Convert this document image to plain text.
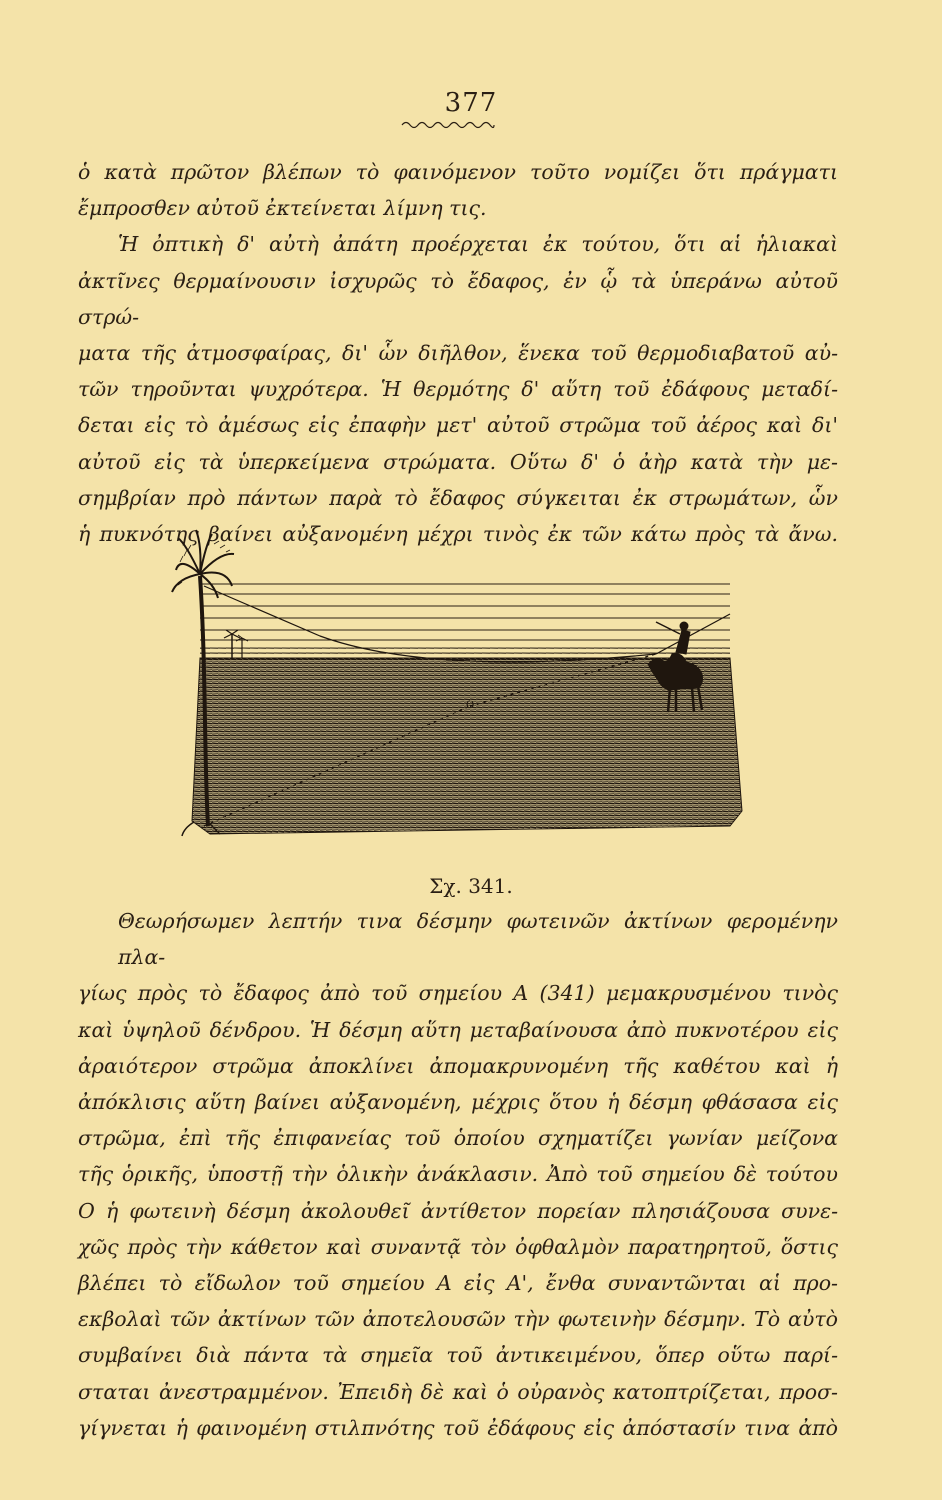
377
ὁ κατὰ πρῶτον βλέπων τὸ φαινόμενον τοῦτο νομίζει ὅτι πράγματι
ἔμπροσθεν αὐτοῦ ἐκτείνεται λίμνη τις.
Ἡ ὀπτικὴ δ' αὐτὴ ἀπάτη προέρχεται ἐκ τούτου, ὅτι αἱ ἡλιακαὶ
ἀκτῖνες θερμαίνουσιν ἰσχυρῶς τὸ ἔδαφος, ἐν ᾧ τὰ ὑπεράνω αὐτοῦ στρώ-
ματα τῆς ἀτμοσφαίρας, δι' ὧν διῆλθον, ἕνεκα τοῦ θερμοδιαβατοῦ αὐ-
τῶν τηροῦνται ψυχρότερα. Ἡ θερμότης δ' αὕτη τοῦ ἐδάφους μεταδί-
δεται εἰς τὸ ἀμέσως εἰς ἐπαφὴν μετ' αὐτοῦ στρῶμα τοῦ ἀέρος καὶ δι'
αὐτοῦ εἰς τὰ ὑπερκείμενα στρώματα. Οὕτω δ' ὁ ἀὴρ κατὰ τὴν με-
σημβρίαν πρὸ πάντων παρὰ τὸ ἔδαφος σύγκειται ἐκ στρωμάτων, ὧν
ἡ πυκνότης βαίνει αὐξανομένη μέχρι τινὸς ἐκ τῶν κάτω πρὸς τὰ ἄνω.
O
Σχ. 341.
Θεωρήσωμεν λεπτήν τινα δέσμην φωτεινῶν ἀκτίνων φερομένην πλα-
γίως πρὸς τὸ ἔδαφος ἀπὸ τοῦ σημείου Α (341) μεμακρυσμένου τινὸς
καὶ ὑψηλοῦ δένδρου. Ἡ δέσμη αὕτη μεταβαίνουσα ἀπὸ πυκνοτέρου εἰς
ἀραιότερον στρῶμα ἀποκλίνει ἀπομακρυνομένη τῆς καθέτου καὶ ἡ
ἀπόκλισις αὕτη βαίνει αὐξανομένη, μέχρις ὅτου ἡ δέσμη φθάσασα εἰς
στρῶμα, ἐπὶ τῆς ἐπιφανείας τοῦ ὁποίου σχηματίζει γωνίαν μείζονα
τῆς ὁρικῆς, ὑποστῇ τὴν ὁλικὴν ἀνάκλασιν. Ἀπὸ τοῦ σημείου δὲ τούτου
Ο ἡ φωτεινὴ δέσμη ἀκολουθεῖ ἀντίθετον πορείαν πλησιάζουσα συνε-
χῶς πρὸς τὴν κάθετον καὶ συναντᾷ τὸν ὀφθαλμὸν παρατηρητοῦ, ὅστις
βλέπει τὸ εἴδωλον τοῦ σημείου Α εἰς Α', ἔνθα συναντῶνται αἱ προ-
εκβολαὶ τῶν ἀκτίνων τῶν ἀποτελουσῶν τὴν φωτεινὴν δέσμην. Τὸ αὐτὸ
συμβαίνει διὰ πάντα τὰ σημεῖα τοῦ ἀντικειμένου, ὅπερ οὕτω παρί-
σταται ἀνεστραμμένον. Ἐπειδὴ δὲ καὶ ὁ οὐρανὸς κατοπτρίζεται, προσ-
γίγνεται ἡ φαινομένη στιλπνότης τοῦ ἐδάφους εἰς ἀπόστασίν τινα ἀπὸ
